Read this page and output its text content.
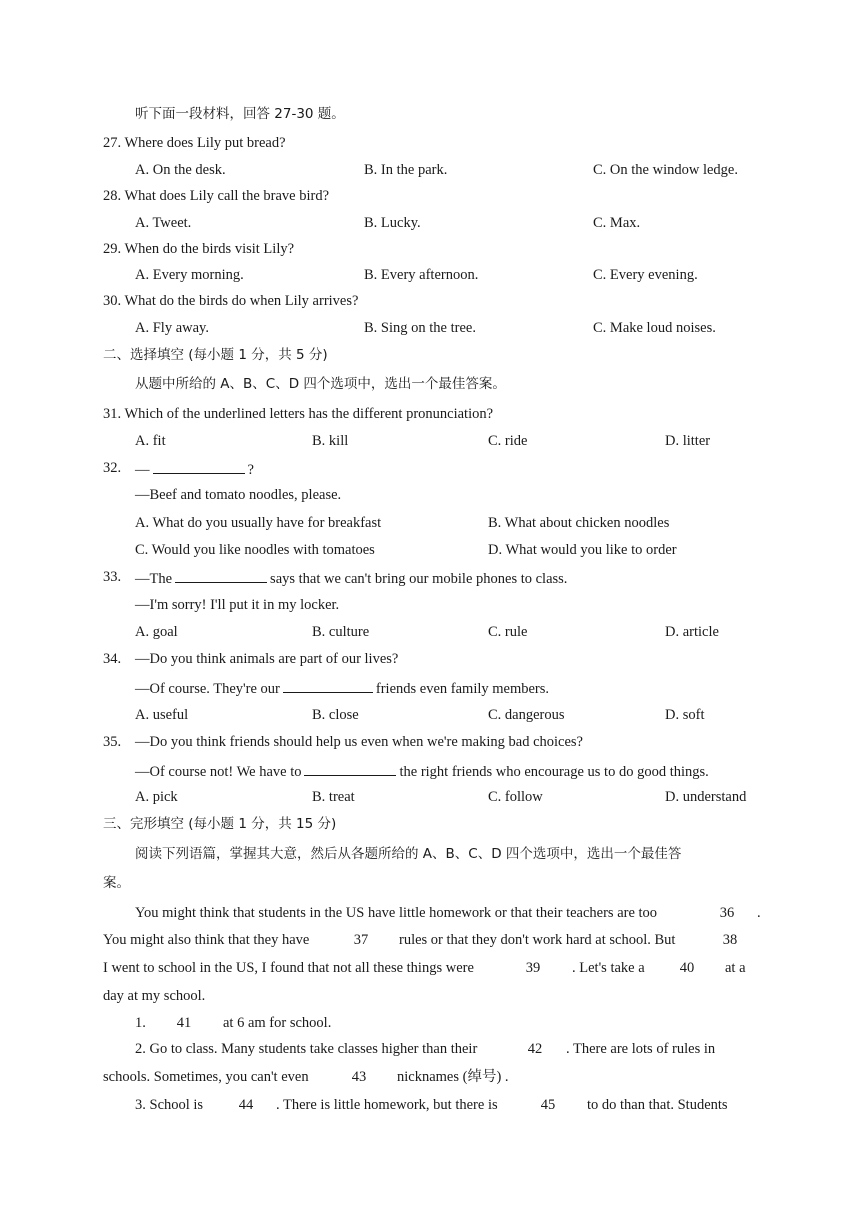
听下面一段材料，回答 27-30 题。
27. Where does Lily put bread?
A. On the desk.	B. In the park.	C. On the window ledge.
28. What does Lily call the brave bird?
A. Tweet.	B. Lucky.	C. Max.
29. When do the birds visit Lily?
A. Every morning.	B. Every afternoon.	C. Every evening.
30. What do the birds do when Lily arrives?
A. Fly away.	B. Sing on the tree.	C. Make loud noises.
二、选择填空 (每小题 1 分，共 5 分)
从题中所给的 A、B、C、D 四个选项中，选出一个最佳答案。
31. Which of the underlined letters has the different pronunciation?
A. fit	B. kill	C. ride	D. litter
32. —	?
—Beef and tomato noodles, please.
A. What do you usually have for breakfast	B. What about chicken noodles
C. Would you like noodles with tomatoes	D. What would you like to order
33. —The	says that we can't bring our mobile phones to class.
—I'm sorry! I'll put it in my locker.
A. goal	B. culture	C. rule	D. article
34. —Do you think animals are part of our lives?
—Of course. They're our	friends even family members.
A. useful	B. close	C. dangerous	D. soft
35. —Do you think friends should help us even when we're making bad choices?
—Of course not! We have to	the right friends who encourage us to do good things.
A. pick	B. treat	C. follow	D. understand
三、完形填空 (每小题 1 分，共 15 分)
阅读下列语篇，掌握其大意，然后从各题所给的 A、B、C、D 四个选项中，选出一个最佳答
案。
You might think that students in the US have little homework or that their teachers are too	36	.
You might also think that they have	37	rules or that they don't work hard at school. But	38
I went to school in the US, I found that not all these things were	39	. Let's take a	40	at a
day at my school.
1.	41	at 6 am for school.
2. Go to class. Many students take classes higher than their	42	. There are lots of rules in
schools. Sometimes, you can't even	43	nicknames (绰号) .
3. School is	44	. There is little homework, but there is	45	to do than that. Students
